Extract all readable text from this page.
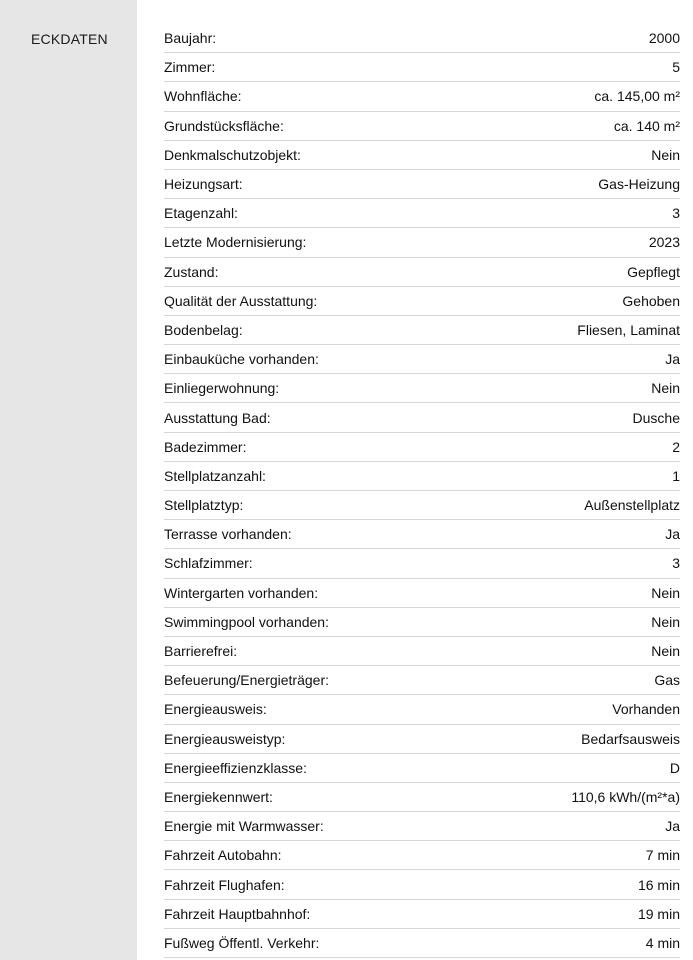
ECKDATEN	Baujahr:	2000
Zimmer:	5
Wohnfläche:	ca. 145,00 m²
Grundstücksfläche:	ca. 140 m²
Denkmalschutzobjekt:	Nein
Heizungsart:	Gas-Heizung
Etagenzahl:	3
Letzte Modernisierung:	2023
Zustand:	Gepflegt
Qualität der Ausstattung:	Gehoben
Bodenbelag:	Fliesen, Laminat
Einbauküche vorhanden:	Ja
Einliegerwohnung:	Nein
Ausstattung Bad:	Dusche
Badezimmer:	2
Stellplatzanzahl:	1
Stellplatztyp:	Außenstellplatz
Terrasse vorhanden:	Ja
Schlafzimmer:	3
Wintergarten vorhanden:	Nein
Swimmingpool vorhanden:	Nein
Barrierefrei:	Nein
Befeuerung/Energieträger:	Gas
Energieausweis:	Vorhanden
Energieausweistyp:	Bedarfsausweis
Energieeffizienzklasse:	D
Energiekennwert:	110,6 kWh/(m²*a)
Energie mit Warmwasser:	Ja
Fahrzeit Autobahn:	7 min
Fahrzeit Flughafen:	16 min
Fahrzeit Hauptbahnhof:	19 min
Fußweg Öffentl. Verkehr:	4 min
